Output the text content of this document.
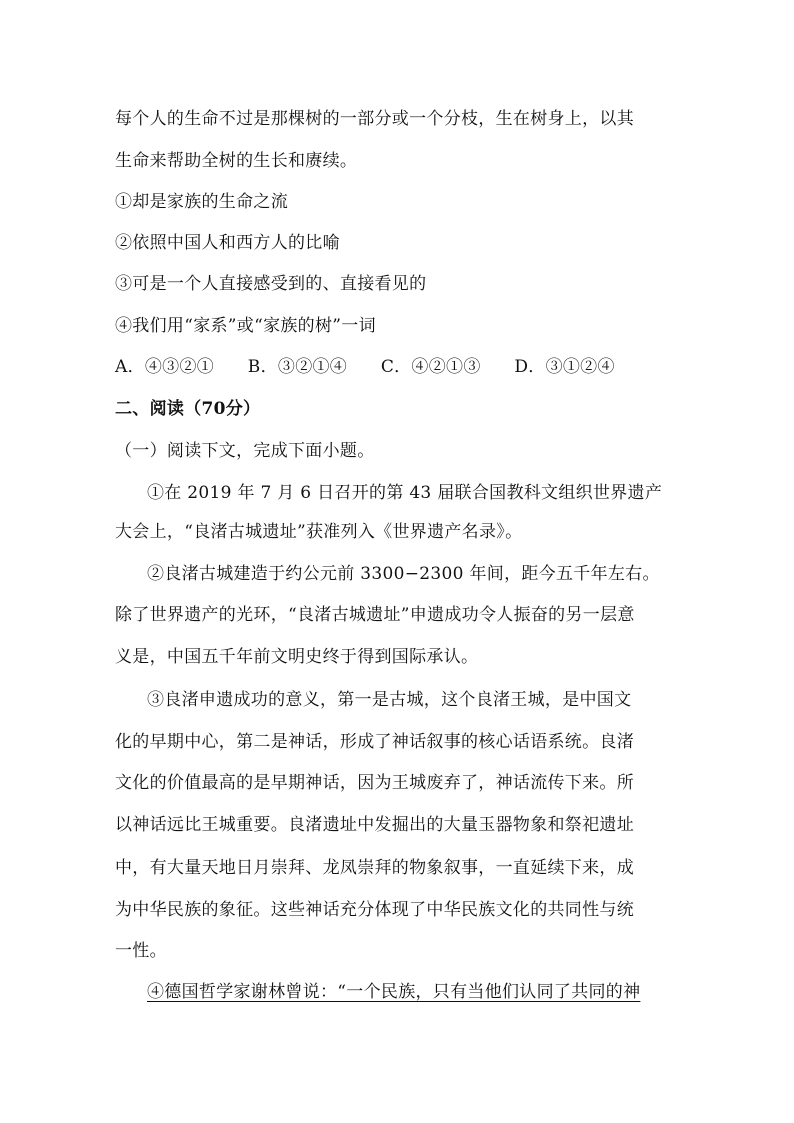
每个人的生命不过是那棵树的一部分或一个分枝，生在树身上，以其
生命来帮助全树的生长和赓续。
①却是家族的生命之流
②依照中国人和西方人的比喻
③可是一个人直接感受到的、直接看见的
④我们用“家系”或“家族的树”一词
A．④③②① B．③②①④ C．④②①③ D．③①②④
二、阅读（70分）
（一）阅读下文，完成下面小题。
①在 2019 年 7 月 6 日召开的第 43 届联合国教科文组织世界遗产
大会上，“良渚古城遗址”获准列入《世界遗产名录》。
②良渚古城建造于约公元前 3300−2300 年间，距今五千年左右。
除了世界遗产的光环，“良渚古城遗址”申遗成功令人振奋的另一层意
义是，中国五千年前文明史终于得到国际承认。
③良渚申遗成功的意义，第一是古城，这个良渚王城，是中国文
化的早期中心，第二是神话，形成了神话叙事的核心话语系统。良渚
文化的价值最高的是早期神话，因为王城废弃了，神话流传下来。所
以神话远比王城重要。良渚遗址中发掘出的大量玉器物象和祭祀遗址
中，有大量天地日月崇拜、龙凤崇拜的物象叙事，一直延续下来，成
为中华民族的象征。这些神话充分体现了中华民族文化的共同性与统
一性。
④德国哲学家谢林曾说：“一个民族，只有当他们认同了共同的神
